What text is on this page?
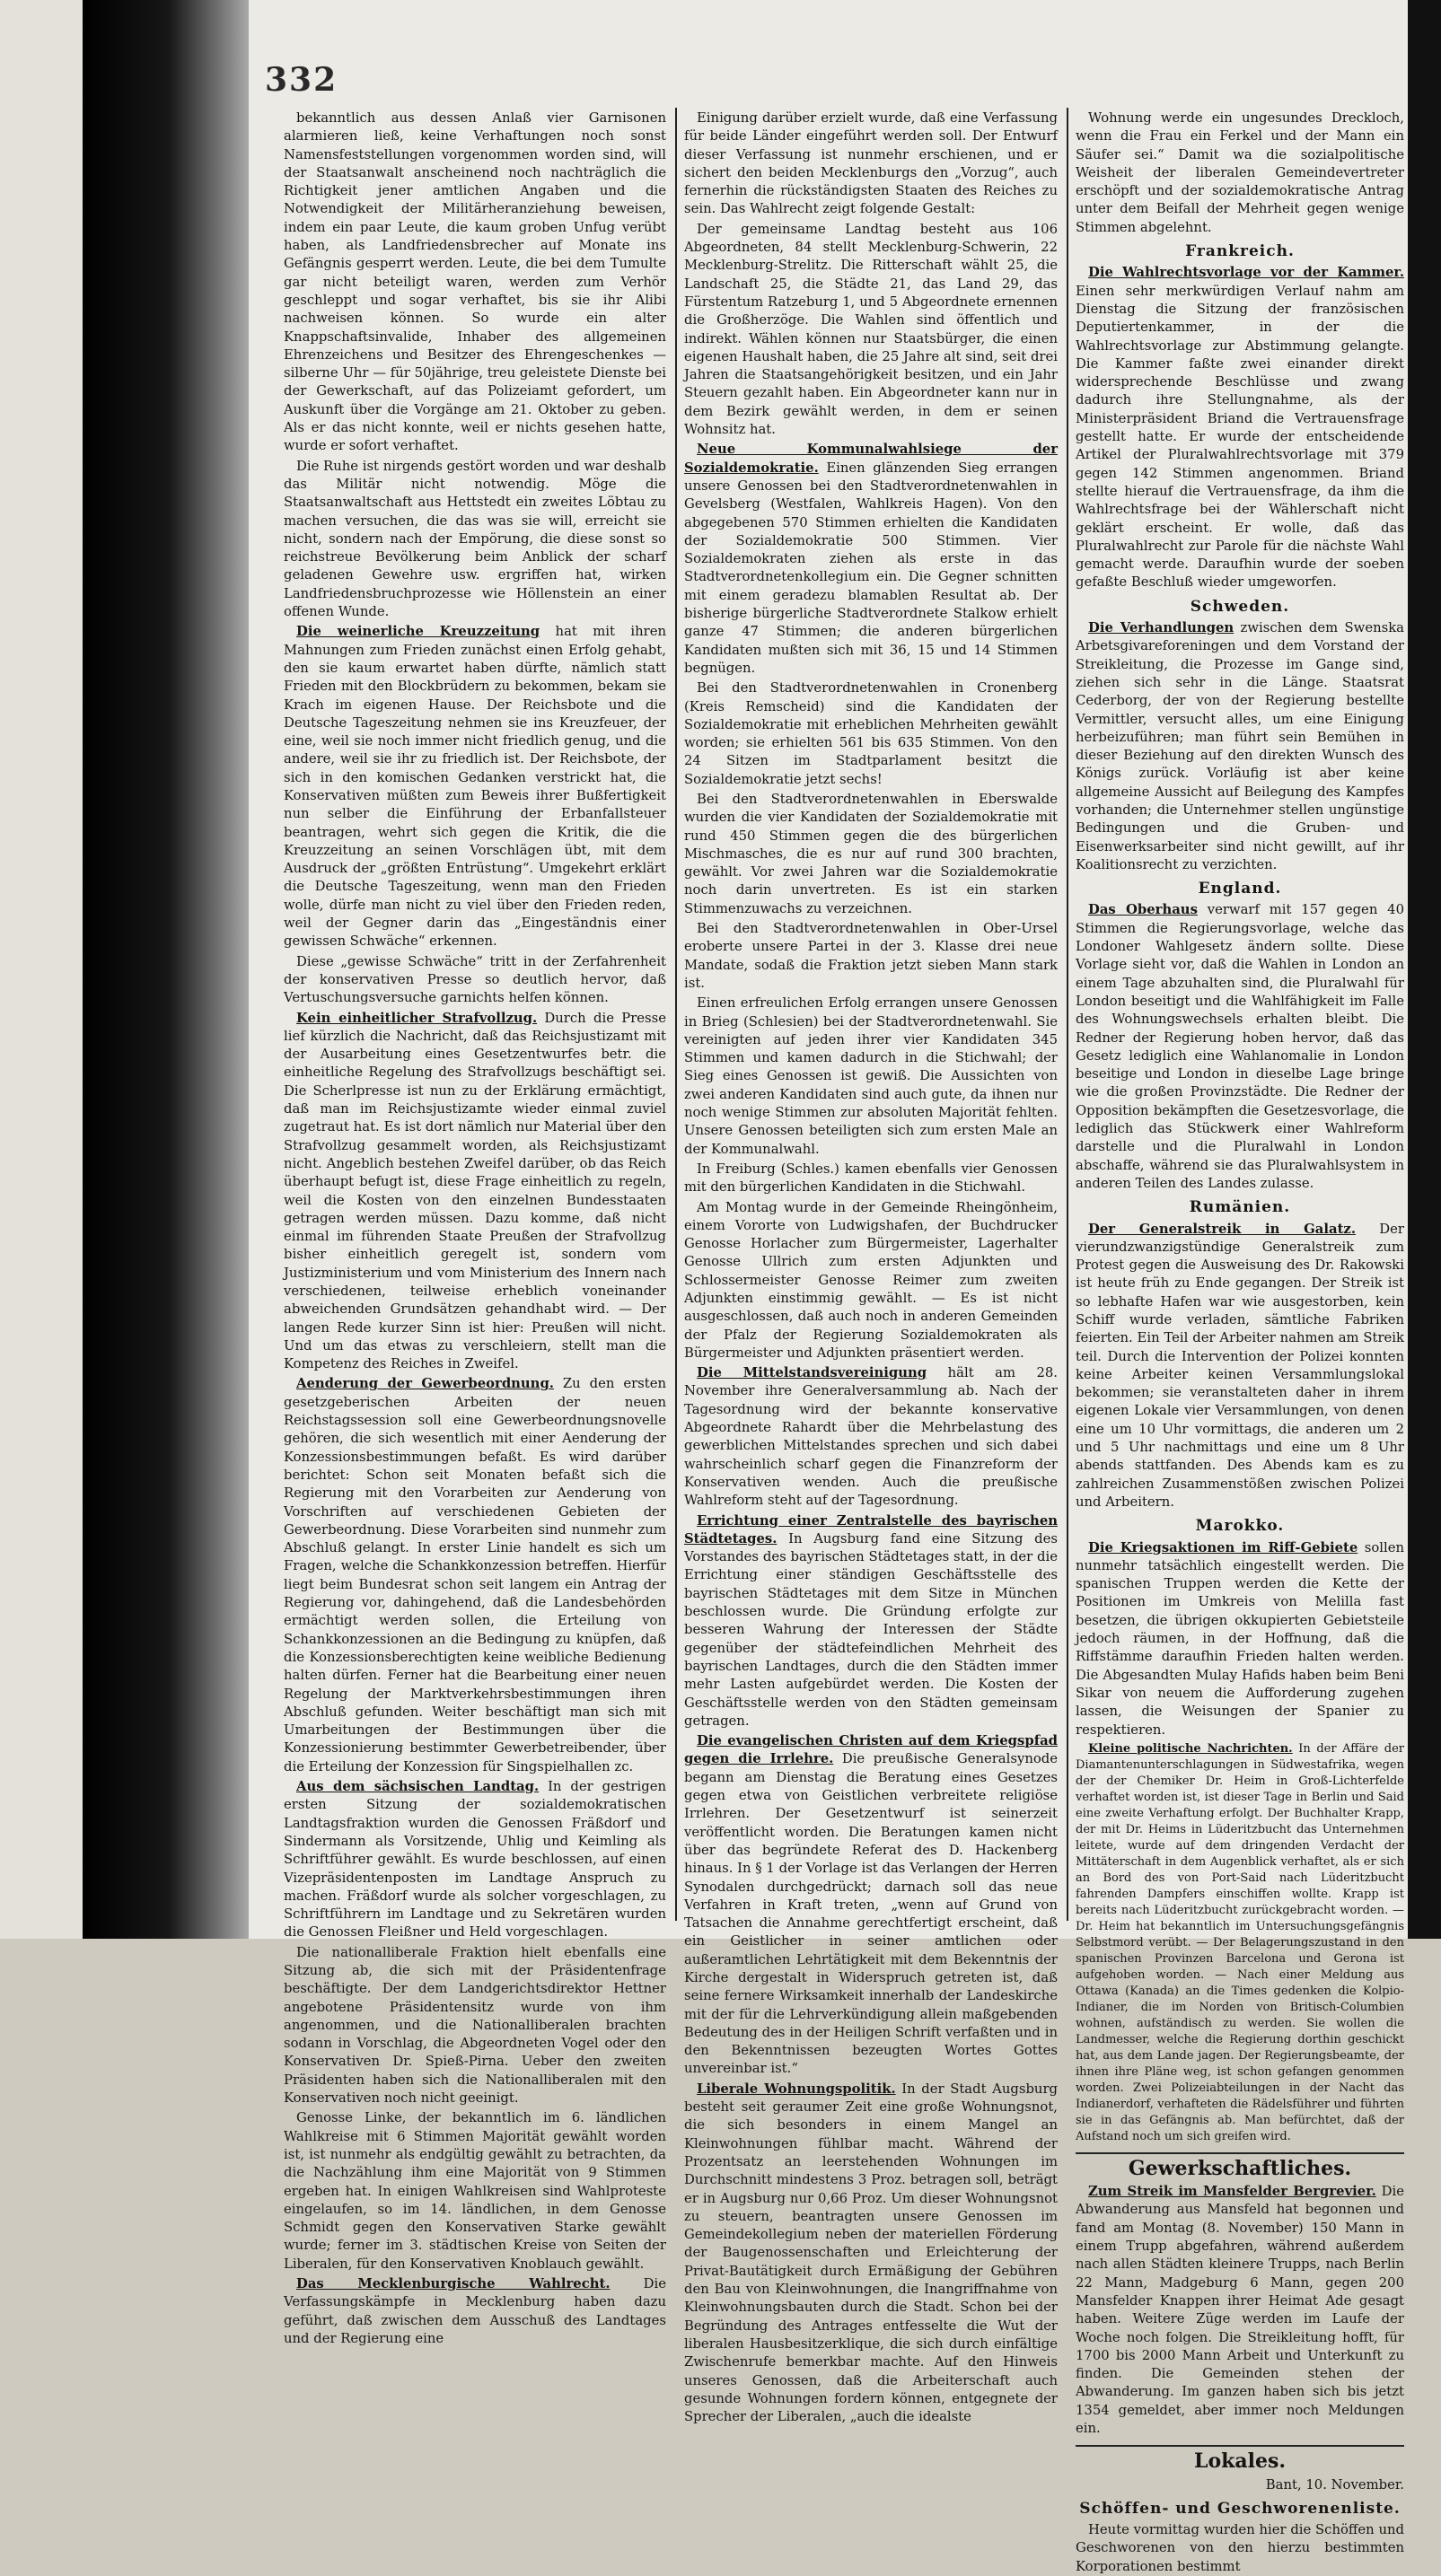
332

bekanntlich aus dessen Anlaß vier Garnisonen alarmieren ließ, keine Verhaftungen noch sonst Namensfeststellungen vorgenommen worden sind, will der Staatsanwalt anscheinend noch nachträglich die Richtigkeit jener amtlichen Angaben und die Notwendigkeit der Militärheranziehung beweisen, indem ein paar Leute, die kaum groben Unfug verübt haben, als Landfriedensbrecher auf Monate ins Gefängnis gesperrt werden. Leute, die bei dem Tumulte gar nicht beteiligt waren, werden zum Verhör geschleppt und sogar verhaftet, bis sie ihr Alibi nachweisen können. So wurde ein alter Knappschaftsinvalide, Inhaber des allgemeinen Ehrenzeichens und Besitzer des Ehrengeschenkes — silberne Uhr — für 50jährige, treu geleistete Dienste bei der Gewerkschaft, auf das Polizeiamt gefordert, um Auskunft über die Vorgänge am 21. Oktober zu geben. Als er das nicht konnte, weil er nichts gesehen hatte, wurde er sofort verhaftet.

Die Ruhe ist nirgends gestört worden und war deshalb das Militär nicht notwendig. Möge die Staatsanwaltschaft aus Hettstedt ein zweites Löbtau zu machen versuchen, die das was sie will, erreicht sie nicht, sondern nach der Empörung, die diese sonst so reichstreue Bevölkerung beim Anblick der scharf geladenen Gewehre usw. ergriffen hat, wirken Landfriedensbruchprozesse wie Höllenstein an einer offenen Wunde.

Die weinerliche Kreuzzeitung hat mit ihren Mahnungen zum Frieden zunächst einen Erfolg gehabt, den sie kaum erwartet haben dürfte, nämlich statt Frieden mit den Blockbrüdern zu bekommen, bekam sie Krach im eigenen Hause. Der Reichsbote und die Deutsche Tageszeitung nehmen sie ins Kreuzfeuer, der eine, weil sie noch immer nicht friedlich genug, und die andere, weil sie ihr zu friedlich ist. Der Reichsbote, der sich in den komischen Gedanken verstrickt hat, die Konservativen müßten zum Beweis ihrer Bußfertigkeit nun selber die Einführung der Erbanfallsteuer beantragen, wehrt sich gegen die Kritik, die die Kreuzzeitung an seinen Vorschlägen übt, mit dem Ausdruck der „größten Entrüstung“. Umgekehrt erklärt die Deutsche Tageszeitung, wenn man den Frieden wolle, dürfe man nicht zu viel über den Frieden reden, weil der Gegner darin das „Eingeständnis einer gewissen Schwäche“ erkennen.

Diese „gewisse Schwäche“ tritt in der Zerfahrenheit der konservativen Presse so deutlich hervor, daß Vertuschungsversuche garnichts helfen können.

Kein einheitlicher Strafvollzug. Durch die Presse lief kürzlich die Nachricht, daß das Reichsjustizamt mit der Ausarbeitung eines Gesetzentwurfes betr. die einheitliche Regelung des Strafvollzugs beschäftigt sei. Die Scherlpresse ist nun zu der Erklärung ermächtigt, daß man im Reichsjustizamte wieder einmal zuviel zugetraut hat. Es ist dort nämlich nur Material über den Strafvollzug gesammelt worden, als Reichsjustizamt nicht. Angeblich bestehen Zweifel darüber, ob das Reich überhaupt befugt ist, diese Frage einheitlich zu regeln, weil die Kosten von den einzelnen Bundesstaaten getragen werden müssen. Dazu komme, daß nicht einmal im führenden Staate Preußen der Strafvollzug bisher einheitlich geregelt ist, sondern vom Justizministerium und vom Ministerium des Innern nach verschiedenen, teilweise erheblich voneinander abweichenden Grundsätzen gehandhabt wird. — Der langen Rede kurzer Sinn ist hier: Preußen will nicht. Und um das etwas zu verschleiern, stellt man die Kompetenz des Reiches in Zweifel.

Aenderung der Gewerbeordnung. Zu den ersten gesetzgeberischen Arbeiten der neuen Reichstagssession soll eine Gewerbeordnungsnovelle gehören, die sich wesentlich mit einer Aenderung der Konzessionsbestimmungen befaßt. Es wird darüber berichtet: Schon seit Monaten befaßt sich die Regierung mit den Vorarbeiten zur Aenderung von Vorschriften auf verschiedenen Gebieten der Gewerbeordnung. Diese Vorarbeiten sind nunmehr zum Abschluß gelangt. In erster Linie handelt es sich um Fragen, welche die Schankkonzession betreffen. Hierfür liegt beim Bundesrat schon seit langem ein Antrag der Regierung vor, dahingehend, daß die Landesbehörden ermächtigt werden sollen, die Erteilung von Schankkonzessionen an die Bedingung zu knüpfen, daß die Konzessionsberechtigten keine weibliche Bedienung halten dürfen. Ferner hat die Bearbeitung einer neuen Regelung der Marktverkehrsbestimmungen ihren Abschluß gefunden. Weiter beschäftigt man sich mit Umarbeitungen der Bestimmungen über die Konzessionierung bestimmter Gewerbetreibender, über die Erteilung der Konzession für Singspielhallen zc.

Aus dem sächsischen Landtag. In der gestrigen ersten Sitzung der sozialdemokratischen Landtagsfraktion wurden die Genossen Fräßdorf und Sindermann als Vorsitzende, Uhlig und Keimling als Schriftführer gewählt. Es wurde beschlossen, auf einen Vizepräsidentenposten im Landtage Anspruch zu machen. Fräßdorf wurde als solcher vorgeschlagen, zu Schriftführern im Landtage und zu Sekretären wurden die Genossen Fleißner und Held vorgeschlagen.

Die nationalliberale Fraktion hielt ebenfalls eine Sitzung ab, die sich mit der Präsidentenfrage beschäftigte. Der dem Landgerichtsdirektor Hettner angebotene Präsidentensitz wurde von ihm angenommen, und die Nationalliberalen brachten sodann in Vorschlag, die Abgeordneten Vogel oder den Konservativen Dr. Spieß-Pirna. Ueber den zweiten Präsidenten haben sich die Nationalliberalen mit den Konservativen noch nicht geeinigt.

Genosse Linke, der bekanntlich im 6. ländlichen Wahlkreise mit 6 Stimmen Majorität gewählt worden ist, ist nunmehr als endgültig gewählt zu betrachten, da die Nachzählung ihm eine Majorität von 9 Stimmen ergeben hat. In einigen Wahlkreisen sind Wahlproteste eingelaufen, so im 14. ländlichen, in dem Genosse Schmidt gegen den Konservativen Starke gewählt wurde; ferner im 3. städtischen Kreise von Seiten der Liberalen, für den Konservativen Knoblauch gewählt.

Das Mecklenburgische Wahlrecht. Die Verfassungskämpfe in Mecklenburg haben dazu geführt, daß zwischen dem Ausschuß des Landtages und der Regierung eine

Einigung darüber erzielt wurde, daß eine Verfassung für beide Länder eingeführt werden soll. Der Entwurf dieser Verfassung ist nunmehr erschienen, und er sichert den beiden Mecklenburgs den „Vorzug“, auch fernerhin die rückständigsten Staaten des Reiches zu sein. Das Wahlrecht zeigt folgende Gestalt:

Der gemeinsame Landtag besteht aus 106 Abgeordneten, 84 stellt Mecklenburg-Schwerin, 22 Mecklenburg-Strelitz. Die Ritterschaft wählt 25, die Landschaft 25, die Städte 21, das Land 29, das Fürstentum Ratzeburg 1, und 5 Abgeordnete ernennen die Großherzöge. Die Wahlen sind öffentlich und indirekt. Wählen können nur Staatsbürger, die einen eigenen Haushalt haben, die 25 Jahre alt sind, seit drei Jahren die Staatsangehörigkeit besitzen, und ein Jahr Steuern gezahlt haben. Ein Abgeordneter kann nur in dem Bezirk gewählt werden, in dem er seinen Wohnsitz hat.

Neue Kommunalwahlsiege der Sozialdemokratie. Einen glänzenden Sieg errangen unsere Genossen bei den Stadtverordnetenwahlen in Gevelsberg (Westfalen, Wahlkreis Hagen). Von den abgegebenen 570 Stimmen erhielten die Kandidaten der Sozialdemokratie 500 Stimmen. Vier Sozialdemokraten ziehen als erste in das Stadtverordnetenkollegium ein. Die Gegner schnitten mit einem geradezu blamablen Resultat ab. Der bisherige bürgerliche Stadtverordnete Stalkow erhielt ganze 47 Stimmen; die anderen bürgerlichen Kandidaten mußten sich mit 36, 15 und 14 Stimmen begnügen.

Bei den Stadtverordnetenwahlen in Cronenberg (Kreis Remscheid) sind die Kandidaten der Sozialdemokratie mit erheblichen Mehrheiten gewählt worden; sie erhielten 561 bis 635 Stimmen. Von den 24 Sitzen im Stadtparlament besitzt die Sozialdemokratie jetzt sechs!

Bei den Stadtverordnetenwahlen in Eberswalde wurden die vier Kandidaten der Sozialdemokratie mit rund 450 Stimmen gegen die des bürgerlichen Mischmasches, die es nur auf rund 300 brachten, gewählt. Vor zwei Jahren war die Sozialdemokratie noch darin unvertreten. Es ist ein starken Stimmenzuwachs zu verzeichnen.

Bei den Stadtverordnetenwahlen in Ober-Ursel eroberte unsere Partei in der 3. Klasse drei neue Mandate, sodaß die Fraktion jetzt sieben Mann stark ist.

Einen erfreulichen Erfolg errangen unsere Genossen in Brieg (Schlesien) bei der Stadtverordnetenwahl. Sie vereinigten auf jeden ihrer vier Kandidaten 345 Stimmen und kamen dadurch in die Stichwahl; der Sieg eines Genossen ist gewiß. Die Aussichten von zwei anderen Kandidaten sind auch gute, da ihnen nur noch wenige Stimmen zur absoluten Majorität fehlten. Unsere Genossen beteiligten sich zum ersten Male an der Kommunalwahl.

In Freiburg (Schles.) kamen ebenfalls vier Genossen mit den bürgerlichen Kandidaten in die Stichwahl.

Am Montag wurde in der Gemeinde Rheingönheim, einem Vororte von Ludwigshafen, der Buchdrucker Genosse Horlacher zum Bürgermeister, Lagerhalter Genosse Ullrich zum ersten Adjunkten und Schlossermeister Genosse Reimer zum zweiten Adjunkten einstimmig gewählt. — Es ist nicht ausgeschlossen, daß auch noch in anderen Gemeinden der Pfalz der Regierung Sozialdemokraten als Bürgermeister und Adjunkten präsentiert werden.

Die Mittelstandsvereinigung hält am 28. November ihre Generalversammlung ab. Nach der Tagesordnung wird der bekannte konservative Abgeordnete Rahardt über die Mehrbelastung des gewerblichen Mittelstandes sprechen und sich dabei wahrscheinlich scharf gegen die Finanzreform der Konservativen wenden. Auch die preußische Wahlreform steht auf der Tagesordnung.

Errichtung einer Zentralstelle des bayrischen Städtetages. In Augsburg fand eine Sitzung des Vorstandes des bayrischen Städtetages statt, in der die Errichtung einer ständigen Geschäftsstelle des bayrischen Städtetages mit dem Sitze in München beschlossen wurde. Die Gründung erfolgte zur besseren Wahrung der Interessen der Städte gegenüber der städtefeindlichen Mehrheit des bayrischen Landtages, durch die den Städten immer mehr Lasten aufgebürdet werden. Die Kosten der Geschäftsstelle werden von den Städten gemeinsam getragen.

Die evangelischen Christen auf dem Kriegspfad gegen die Irrlehre. Die preußische Generalsynode begann am Dienstag die Beratung eines Gesetzes gegen etwa von Geistlichen verbreitete religiöse Irrlehren. Der Gesetzentwurf ist seinerzeit veröffentlicht worden. Die Beratungen kamen nicht über das begründete Referat des D. Hackenberg hinaus. In § 1 der Vorlage ist das Verlangen der Herren Synodalen durchgedrückt; darnach soll das neue Verfahren in Kraft treten, „wenn auf Grund von Tatsachen die Annahme gerechtfertigt erscheint, daß ein Geistlicher in seiner amtlichen oder außeramtlichen Lehrtätigkeit mit dem Bekenntnis der Kirche dergestalt in Widerspruch getreten ist, daß seine fernere Wirksamkeit innerhalb der Landeskirche mit der für die Lehrverkündigung allein maßgebenden Bedeutung des in der Heiligen Schrift verfaßten und in den Bekenntnissen bezeugten Wortes Gottes unvereinbar ist.“

Liberale Wohnungspolitik. In der Stadt Augsburg besteht seit geraumer Zeit eine große Wohnungsnot, die sich besonders in einem Mangel an Kleinwohnungen fühlbar macht. Während der Prozentsatz an leerstehenden Wohnungen im Durchschnitt mindestens 3 Proz. betragen soll, beträgt er in Augsburg nur 0,66 Proz. Um dieser Wohnungsnot zu steuern, beantragten unsere Genossen im Gemeindekollegium neben der materiellen Förderung der Baugenossenschaften und Erleichterung der Privat-Bautätigkeit durch Ermäßigung der Gebühren den Bau von Kleinwohnungen, die Inangriffnahme von Kleinwohnungsbauten durch die Stadt. Schon bei der Begründung des Antrages entfesselte die Wut der liberalen Hausbesitzerklique, die sich durch einfältige Zwischenrufe bemerkbar machte. Auf den Hinweis unseres Genossen, daß die Arbeiterschaft auch gesunde Wohnungen fordern können, entgegnete der Sprecher der Liberalen, „auch die idealste

Wohnung werde ein ungesundes Dreckloch, wenn die Frau ein Ferkel und der Mann ein Säufer sei.“ Damit wa die sozialpolitische Weisheit der liberalen Gemeindevertreter erschöpft und der sozialdemokratische Antrag unter dem Beifall der Mehrheit gegen wenige Stimmen abgelehnt.

Frankreich.

Die Wahlrechtsvorlage vor der Kammer. Einen sehr merkwürdigen Verlauf nahm am Dienstag die Sitzung der französischen Deputiertenkammer, in der die Wahlrechtsvorlage zur Abstimmung gelangte. Die Kammer faßte zwei einander direkt widersprechende Beschlüsse und zwang dadurch ihre Stellungnahme, als der Ministerpräsident Briand die Vertrauensfrage gestellt hatte. Er wurde der entscheidende Artikel der Pluralwahlrechtsvorlage mit 379 gegen 142 Stimmen angenommen. Briand stellte hierauf die Vertrauensfrage, da ihm die Wahlrechtsfrage bei der Wählerschaft nicht geklärt erscheint. Er wolle, daß das Pluralwahlrecht zur Parole für die nächste Wahl gemacht werde. Daraufhin wurde der soeben gefaßte Beschluß wieder umgeworfen.

Schweden.

Die Verhandlungen zwischen dem Swenska Arbetsgivareforeningen und dem Vorstand der Streikleitung, die Prozesse im Gange sind, ziehen sich sehr in die Länge. Staatsrat Cederborg, der von der Regierung bestellte Vermittler, versucht alles, um eine Einigung herbeizuführen; man führt sein Bemühen in dieser Beziehung auf den direkten Wunsch des Königs zurück. Vorläufig ist aber keine allgemeine Aussicht auf Beilegung des Kampfes vorhanden; die Unternehmer stellen ungünstige Bedingungen und die Gruben- und Eisenwerksarbeiter sind nicht gewillt, auf ihr Koalitionsrecht zu verzichten.

England.

Das Oberhaus verwarf mit 157 gegen 40 Stimmen die Regierungsvorlage, welche das Londoner Wahlgesetz ändern sollte. Diese Vorlage sieht vor, daß die Wahlen in London an einem Tage abzuhalten sind, die Pluralwahl für London beseitigt und die Wahlfähigkeit im Falle des Wohnungswechsels erhalten bleibt. Die Redner der Regierung hoben hervor, daß das Gesetz lediglich eine Wahlanomalie in London beseitige und London in dieselbe Lage bringe wie die großen Provinzstädte. Die Redner der Opposition bekämpften die Gesetzesvorlage, die lediglich das Stückwerk einer Wahlreform darstelle und die Pluralwahl in London abschaffe, während sie das Pluralwahlsystem in anderen Teilen des Landes zulasse.

Rumänien.

Der Generalstreik in Galatz. Der vierundzwanzigstündige Generalstreik zum Protest gegen die Ausweisung des Dr. Rakowski ist heute früh zu Ende gegangen. Der Streik ist so lebhafte Hafen war wie ausgestorben, kein Schiff wurde verladen, sämtliche Fabriken feierten. Ein Teil der Arbeiter nahmen am Streik teil. Durch die Intervention der Polizei konnten keine Arbeiter keinen Versammlungslokal bekommen; sie veranstalteten daher in ihrem eigenen Lokale vier Versammlungen, von denen eine um 10 Uhr vormittags, die anderen um 2 und 5 Uhr nachmittags und eine um 8 Uhr abends stattfanden. Des Abends kam es zu zahlreichen Zusammenstößen zwischen Polizei und Arbeitern.

Marokko.

Die Kriegsaktionen im Riff-Gebiete sollen nunmehr tatsächlich eingestellt werden. Die spanischen Truppen werden die Kette der Positionen im Umkreis von Melilla fast besetzen, die übrigen okkupierten Gebietsteile jedoch räumen, in der Hoffnung, daß die Riffstämme daraufhin Frieden halten werden. Die Abgesandten Mulay Hafids haben beim Beni Sikar von neuem die Aufforderung zugehen lassen, die Weisungen der Spanier zu respektieren.

Kleine politische Nachrichten. In der Affäre der Diamantenunterschlagungen in Südwestafrika, wegen der der Chemiker Dr. Heim in Groß-Lichterfelde verhaftet worden ist, ist dieser Tage in Berlin und Said eine zweite Verhaftung erfolgt. Der Buchhalter Krapp, der mit Dr. Heims in Lüderitzbucht das Unternehmen leitete, wurde auf dem dringenden Verdacht der Mittäterschaft in dem Augenblick verhaftet, als er sich an Bord des von Port-Said nach Lüderitzbucht fahrenden Dampfers einschiffen wollte. Krapp ist bereits nach Lüderitzbucht zurückgebracht worden. — Dr. Heim hat bekanntlich im Untersuchungsgefängnis Selbstmord verübt. — Der Belagerungszustand in den spanischen Provinzen Barcelona und Gerona ist aufgehoben worden. — Nach einer Meldung aus Ottawa (Kanada) an die Times gedenken die Kolpio-Indianer, die im Norden von Britisch-Columbien wohnen, aufständisch zu werden. Sie wollen die Landmesser, welche die Regierung dorthin geschickt hat, aus dem Lande jagen. Der Regierungsbeamte, der ihnen ihre Pläne weg, ist schon gefangen genommen worden. Zwei Polizeiabteilungen in der Nacht das Indianerdorf, verhafteten die Rädelsführer und führten sie in das Gefängnis ab. Man befürchtet, daß der Aufstand noch um sich greifen wird.

Gewerkschaftliches.

Zum Streik im Mansfelder Bergrevier. Die Abwanderung aus Mansfeld hat begonnen und fand am Montag (8. November) 150 Mann in einem Trupp abgefahren, während außerdem nach allen Städten kleinere Trupps, nach Berlin 22 Mann, Madgeburg 6 Mann, gegen 200 Mansfelder Knappen ihrer Heimat Ade gesagt haben. Weitere Züge werden im Laufe der Woche noch folgen. Die Streikleitung hofft, für 1700 bis 2000 Mann Arbeit und Unterkunft zu finden. Die Gemeinden stehen der Abwanderung. Im ganzen haben sich bis jetzt 1354 gemeldet, aber immer noch Meldungen ein.

Lokales.

Bant, 10. November.

Schöffen- und Geschworenenliste.

Heute vormittag wurden hier die Schöffen und Geschworenen von den hierzu bestimmten Korporationen bestimmt
